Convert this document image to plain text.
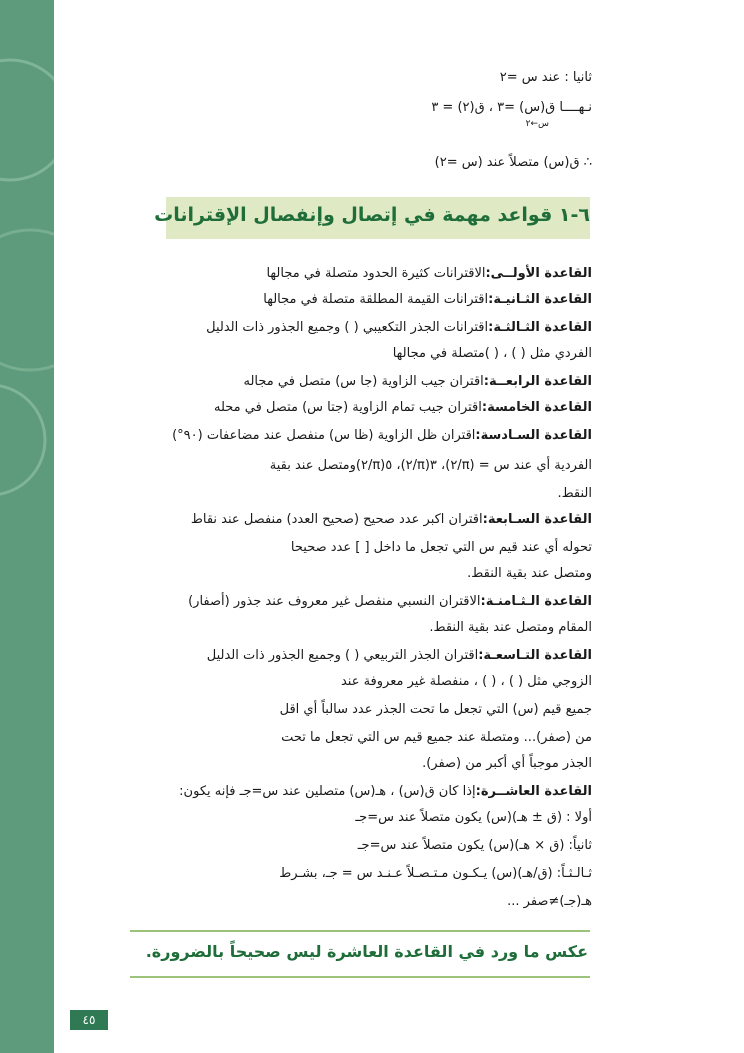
ثانيا : عند س =٢
نـهــــا ق(س) =٣ ، ق(٢) = ٣
س←٢
∴ ق(س) متصلاً عند (س =٢)
٦-١ قواعد مهمة في إتصال وإنفصال الإقترانات
القاعدة الأولــى:الاقترانات كثيرة الحدود متصلة في مجالها
القاعدة الثـانيـة:اقترانات القيمة المطلقة متصلة في مجالها
القاعدة الثـالثـة:اقترانات الجذر التكعيبي ( ) وجميع الجذور ذات الدليل
الفردي مثل ( ) ، ( )متصلة في مجالها
القاعدة الرابعــة:اقتران جيب الزاوية (جا س) متصل في مجاله
القاعدة الخامسة:اقتران جيب تمام الزاوية (جتا س) متصل في محله
القاعدة السـادسة:اقتران ظل الزاوية (ظا س) منفصل عند مضاعفات (٩٠°)
الفردية أي عند س = (π/٢)، ٣(π/٢)، ٥(π/٢)ومتصل عند بقية
النقط.
القاعدة السـابعة:اقتران اكبر عدد صحيح (صحيح العدد) منفصل عند نقاط
تحوله أي عند قيم س التي تجعل ما داخل [ ] عدد صحيحا
ومتصل عند بقية النقط.
القاعدة الـثـامنـة:الاقتران النسبي منفصل غير معروف عند جذور (أصفار)
المقام ومتصل عند بقية النقط.
القاعدة التـاسعـة:اقتران الجذر التربيعي ( ) وجميع الجذور ذات الدليل
الزوجي مثل ( ) ، ( ) ، منفصلة غير معروفة عند
جميع قيم (س) التي تجعل ما تحت الجذر عدد سالباً أي اقل
من (صفر)... ومتصلة عند جميع قيم س التي تجعل ما تحت
الجذر موجباً أي أكبر من (صفر).
القاعدة العاشــرة:إذا كان ق(س) ، هـ(س) متصلين عند س=جـ فإنه يكون:
أولا : (ق ± هـ)(س) يكون متصلاً عند س=جـ
ثانياً: (ق × هـ)(س) يكون متصلاً عند س=جـ
ثـالـثـاً: (ق/هـ)(س) يـكـون مـتـصـلاً عـنـد س = جـ، بشـرط
هـ(جـ)≠صفر ...
عكس ما ورد في القاعدة العاشرة ليس صحيحاً بالضرورة.
٤٥
